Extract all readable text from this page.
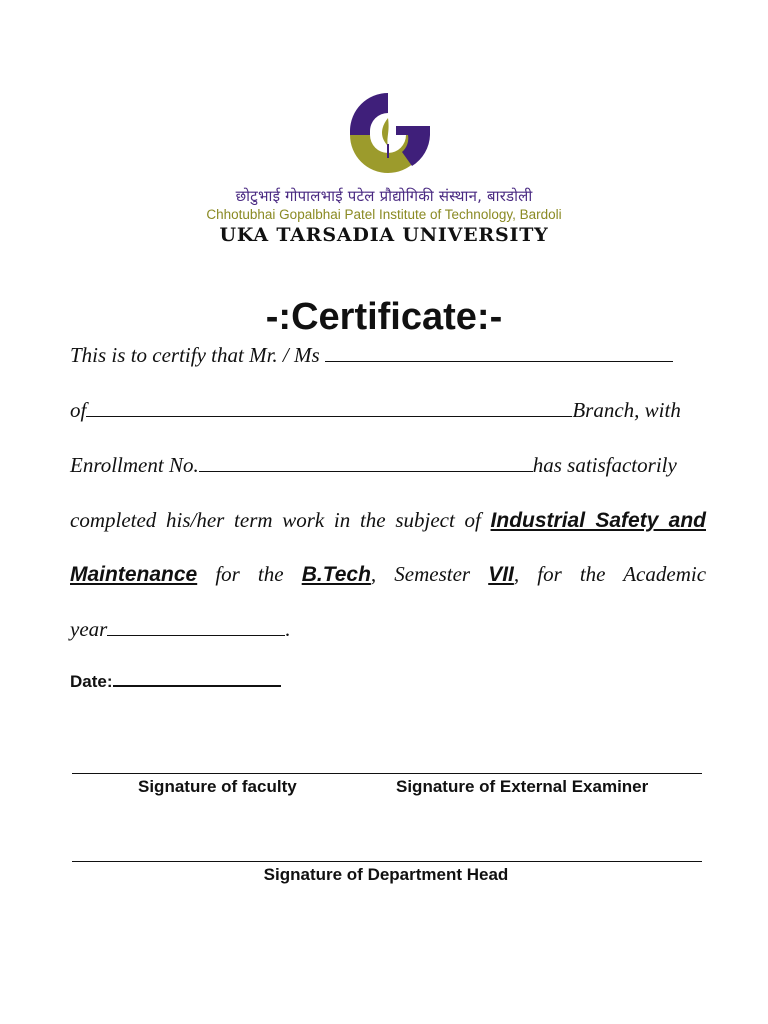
छोटुभाई गोपालभाई पटेल प्रौद्योगिकी संस्थान, बारडोली
Chhotubhai Gopalbhai Patel Institute of Technology, Bardoli
UKA TARSADIA UNIVERSITY
-:Certificate:-
This is to certify that Mr. / Ms
of	Branch, with
Enrollment No.	has satisfactorily
completed his/her term work in the subject of Industrial Safety and
Maintenance for the B.Tech, Semester VII, for the Academic
year	.
Date:
Signature of faculty	Signature of External Examiner
Signature of Department Head
